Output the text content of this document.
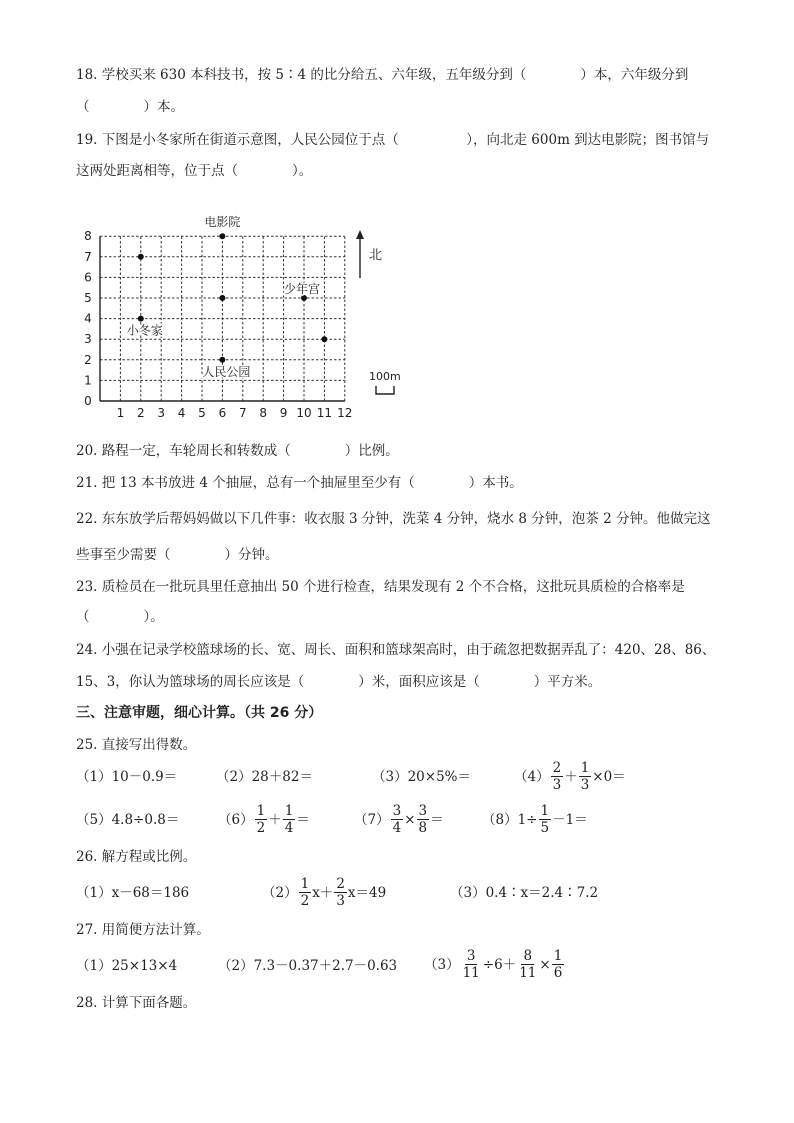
18. 学校买来 630 本科技书，按 5∶4 的比分给五、六年级，五年级分到（　　　　）本，六年级分到
（　　　　）本。
19. 下图是小冬家所在街道示意图，人民公园位于点（　　　　　），向北走 600m 到达电影院；图书馆与
这两处距离相等，位于点（　　　　）。
1 2 3 4 5 6 7 8 9 10 11 12
0
1
2
3
4
5
6
7
8
电影院
少年宫
小冬家
人民公园
北
100m
20. 路程一定，车轮周长和转数成（　　　　）比例。
21. 把 13 本书放进 4 个抽屉，总有一个抽屉里至少有（　　　　）本书。
22. 东东放学后帮妈妈做以下几件事：收衣服 3 分钟，洗菜 4 分钟，烧水 8 分钟，泡茶 2 分钟。他做完这
些事至少需要（　　　　）分钟。
23. 质检员在一批玩具里任意抽出 50 个进行检查，结果发现有 2 个不合格，这批玩具质检的合格率是
（　　　　）。
24. 小强在记录学校篮球场的长、宽、周长、面积和篮球架高时，由于疏忽把数据弄乱了：420、28、86、
15、3，你认为篮球场的周长应该是（　　　　）米，面积应该是（　　　　）平方米。
三、注意审题，细心计算。（共 26 分）
25. 直接写出得数。
（1）10－0.9＝	（2）28＋82＝	（3）20×5%＝	$(4) \frac{2}{3} + \frac{1}{3} \times 0=$
（5）4.8÷0.8＝	$(6) \frac{1}{2} + \frac{1}{4}$ ＝	$(7) \frac{3}{4} \times \frac{3}{8}$ ＝	$(8)1\div \frac{1}{5} -1=$
26. 解方程或比例。
（1）x－68＝186	$(2) \frac{1}{2} x+ \frac{2}{3} x=49$	（3）0.4∶x＝2.4∶7.2
27. 用简便方法计算。
（1）25×13×4	（2）7.3－0.37＋2.7－0.63 $(3) \frac{3}{11} \div 6+ \frac{8}{11} \times \frac{1}{6}$
28. 计算下面各题。
